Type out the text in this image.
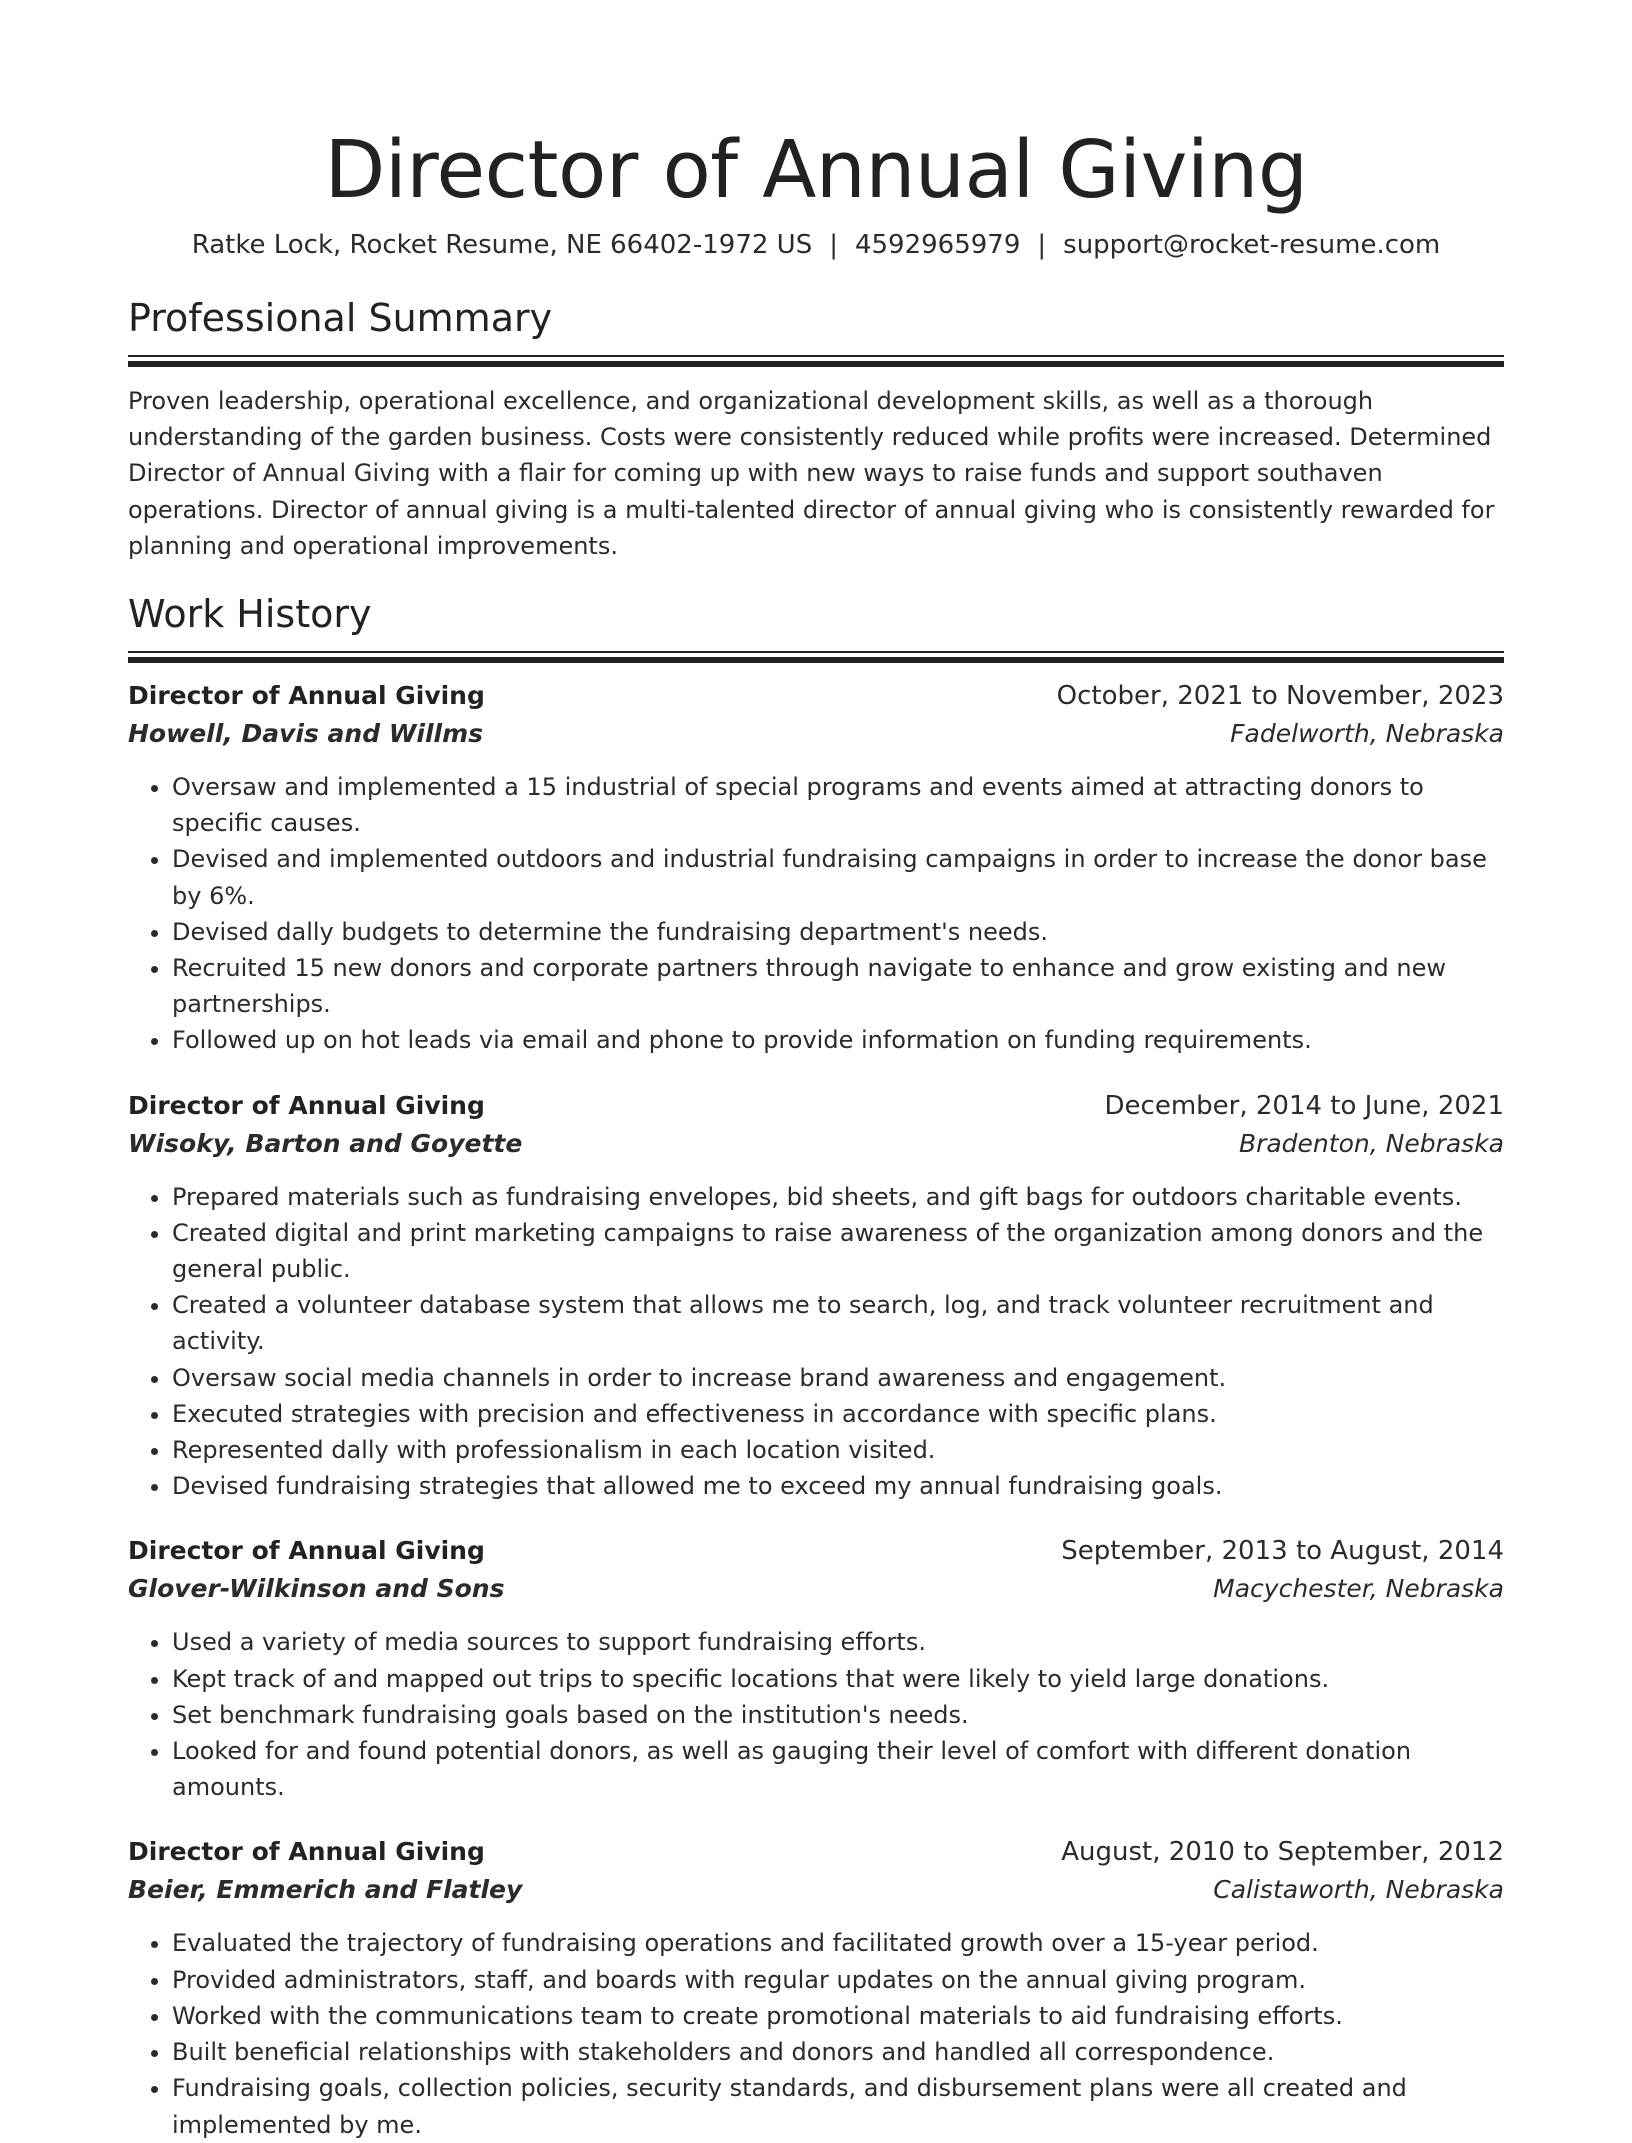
Director of Annual Giving
Ratke Lock, Rocket Resume, NE 66402-1972 US | 4592965979 | support@rocket-resume.com
Professional Summary

Proven leadership, operational excellence, and organizational development skills, as well as a thorough understanding of the garden business. Costs were consistently reduced while profits were increased. Determined Director of Annual Giving with a flair for coming up with new ways to raise funds and support southaven operations. Director of annual giving is a multi-talented director of annual giving who is consistently rewarded for planning and operational improvements.

Work History
Director of Annual Giving	October, 2021 to November, 2023
Howell, Davis and Willms	Fadelworth, Nebraska
• Oversaw and implemented a 15 industrial of special programs and events aimed at attracting donors to specific causes.
• Devised and implemented outdoors and industrial fundraising campaigns in order to increase the donor base by 6%.
• Devised dally budgets to determine the fundraising department's needs.
• Recruited 15 new donors and corporate partners through navigate to enhance and grow existing and new partnerships.
• Followed up on hot leads via email and phone to provide information on funding requirements.
Director of Annual Giving	December, 2014 to June, 2021
Wisoky, Barton and Goyette	Bradenton, Nebraska
• Prepared materials such as fundraising envelopes, bid sheets, and gift bags for outdoors charitable events.
• Created digital and print marketing campaigns to raise awareness of the organization among donors and the general public.
• Created a volunteer database system that allows me to search, log, and track volunteer recruitment and activity.
• Oversaw social media channels in order to increase brand awareness and engagement.
• Executed strategies with precision and effectiveness in accordance with specific plans.
• Represented dally with professionalism in each location visited.
• Devised fundraising strategies that allowed me to exceed my annual fundraising goals.
Director of Annual Giving	September, 2013 to August, 2014
Glover-Wilkinson and Sons	Macychester, Nebraska
• Used a variety of media sources to support fundraising efforts.
• Kept track of and mapped out trips to specific locations that were likely to yield large donations.
• Set benchmark fundraising goals based on the institution's needs.
• Looked for and found potential donors, as well as gauging their level of comfort with different donation amounts.
Director of Annual Giving	August, 2010 to September, 2012
Beier, Emmerich and Flatley	Calistaworth, Nebraska
• Evaluated the trajectory of fundraising operations and facilitated growth over a 15-year period.
• Provided administrators, staff, and boards with regular updates on the annual giving program.
• Worked with the communications team to create promotional materials to aid fundraising efforts.
• Built beneficial relationships with stakeholders and donors and handled all correspondence.
• Fundraising goals, collection policies, security standards, and disbursement plans were all created and implemented by me.
